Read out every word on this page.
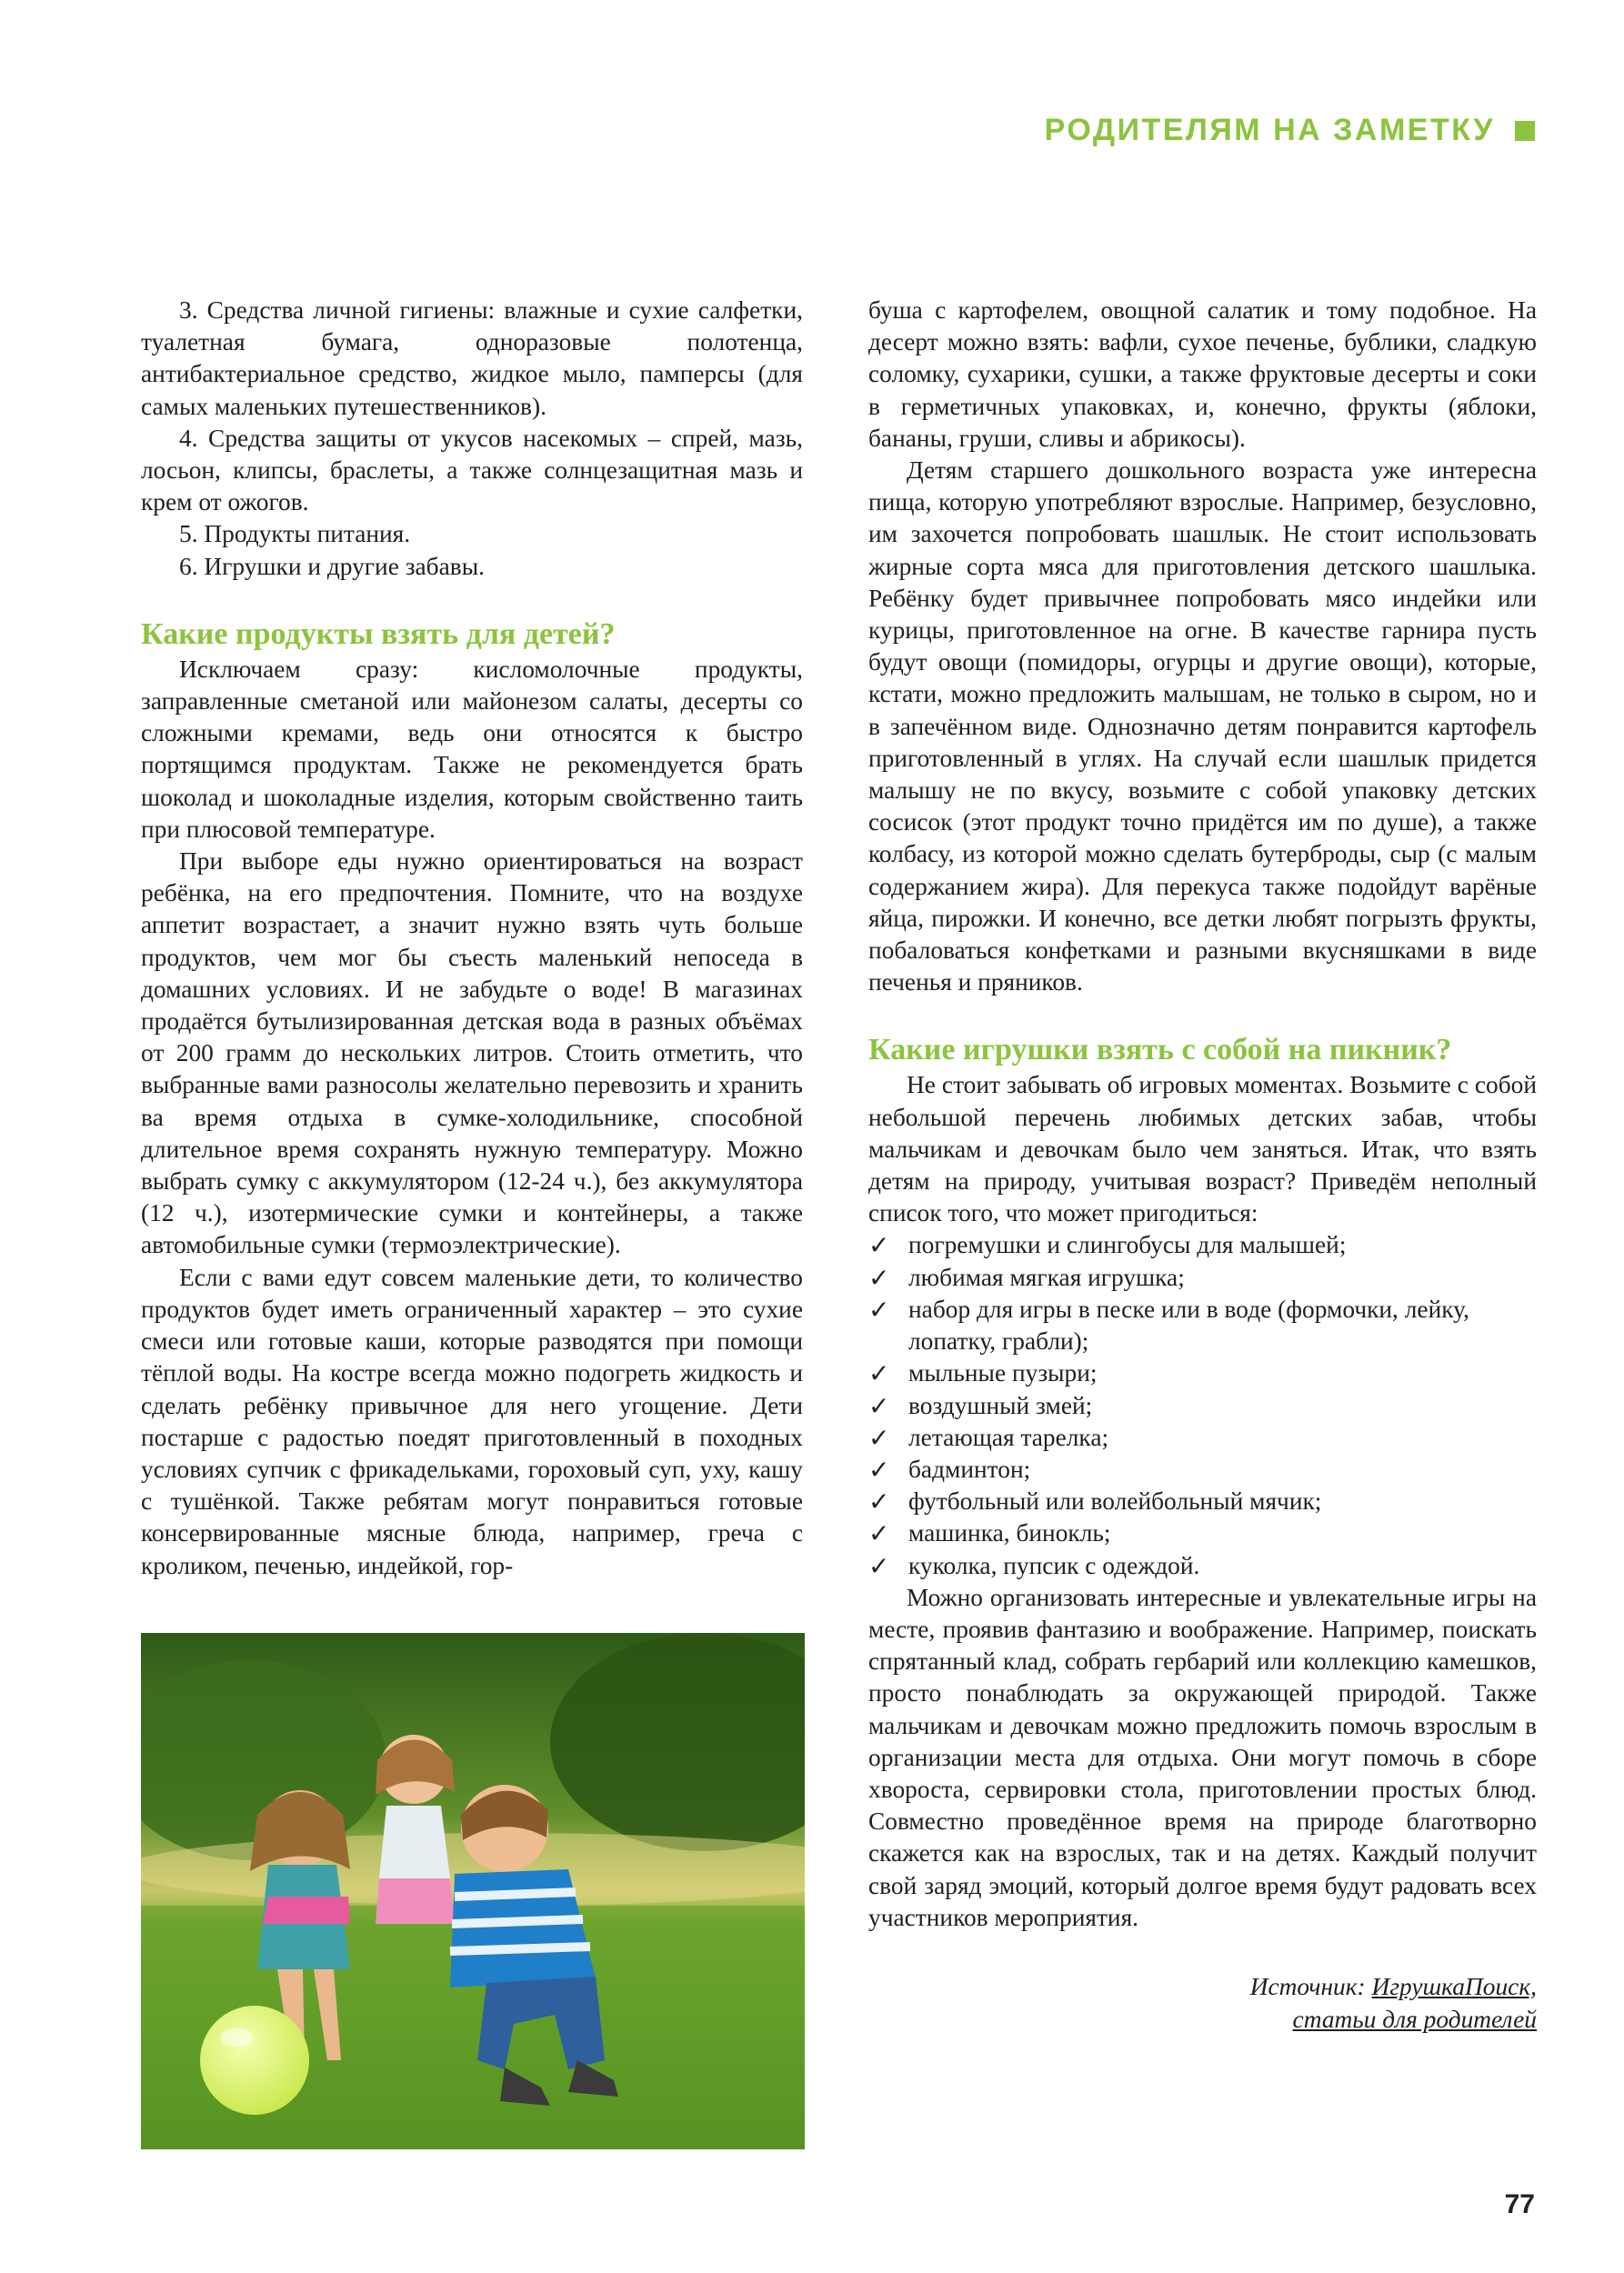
РОДИТЕЛЯМ НА ЗАМЕТКУ

3. Средства личной гигиены: влажные и сухие салфетки, туалетная бумага, одноразовые полотенца, антибактериальное средство, жидкое мыло, памперсы (для самых маленьких путешественников).

4. Средства защиты от укусов насекомых – спрей, мазь, лосьон, клипсы, браслеты, а также солнцезащитная мазь и крем от ожогов.

5. Продукты питания.

6. Игрушки и другие забавы.

Какие продукты взять для детей?

Исключаем сразу: кисломолочные продукты, заправленные сметаной или майонезом салаты, десерты со сложными кремами, ведь они относятся к быстро портящимся продуктам. Также не рекомендуется брать шоколад и шоколадные изделия, которым свойственно таить при плюсовой температуре.

При выборе еды нужно ориентироваться на возраст ребёнка, на его предпочтения. Помните, что на воздухе аппетит возрастает, а значит нужно взять чуть больше продуктов, чем мог бы съесть маленький непоседа в домашних условиях. И не забудьте о воде! В магазинах продаётся бутылизированная детская вода в разных объёмах от 200 грамм до нескольких литров. Стоить отметить, что выбранные вами разносолы желательно перевозить и хранить ва время отдыха в сумке-холодильнике, способной длительное время сохранять нужную температуру. Можно выбрать сумку с аккумулятором (12-24 ч.), без аккумулятора (12 ч.), изотермические сумки и контейнеры, а также автомобильные сумки (термоэлектрические).

Если с вами едут совсем маленькие дети, то количество продуктов будет иметь ограниченный характер – это сухие смеси или готовые каши, которые разводятся при помощи тёплой воды. На костре всегда можно подогреть жидкость и сделать ребёнку привычное для него угощение. Дети постарше с радостью поедят приготовленный в походных условиях супчик с фрикадельками, гороховый суп, уху, кашу с тушёнкой. Также ребятам могут понравиться готовые консервированные мясные блюда, например, греча с кроликом, печенью, индейкой, гор-

буша с картофелем, овощной салатик и тому подобное. На десерт можно взять: вафли, сухое печенье, бублики, сладкую соломку, сухарики, сушки, а также фруктовые десерты и соки в герметичных упаковках, и, конечно, фрукты (яблоки, бананы, груши, сливы и абрикосы).

Детям старшего дошкольного возраста уже интересна пища, которую употребляют взрослые. Например, безусловно, им захочется попробовать шашлык. Не стоит использовать жирные сорта мяса для приготовления детского шашлыка. Ребёнку будет привычнее попробовать мясо индейки или курицы, приготовленное на огне. В качестве гарнира пусть будут овощи (помидоры, огурцы и другие овощи), которые, кстати, можно предложить малышам, не только в сыром, но и в запечённом виде. Однозначно детям понравится картофель приготовленный в углях. На случай если шашлык придется малышу не по вкусу, возьмите с собой упаковку детских сосисок (этот продукт точно придётся им по душе), а также колбасу, из которой можно сделать бутерброды, сыр (с малым содержанием жира). Для перекуса также подойдут варёные яйца, пирожки. И конечно, все детки любят погрызть фрукты, побаловаться конфетками и разными вкусняшками в виде печенья и пряников.

Какие игрушки взять с собой на пикник?

Не стоит забывать об игровых моментах. Возьмите с собой небольшой перечень любимых детских забав, чтобы мальчикам и девочкам было чем заняться. Итак, что взять детям на природу, учитывая возраст? Приведём неполный список того, что может пригодиться:

✓ погремушки и слингобусы для малышей;
✓ любимая мягкая игрушка;
✓ набор для игры в песке или в воде (формочки, лейку, лопатку, грабли);
✓ мыльные пузыри;
✓ воздушный змей;
✓ летающая тарелка;
✓ бадминтон;
✓ футбольный или волейбольный мячик;
✓ машинка, бинокль;
✓ куколка, пупсик с одеждой.

Можно организовать интересные и увлекательные игры на месте, проявив фантазию и воображение. Например, поискать спрятанный клад, собрать гербарий или коллекцию камешков, просто понаблюдать за окружающей природой. Также мальчикам и девочкам можно предложить помочь взрослым в организации места для отдыха. Они могут помочь в сборе хвороста, сервировки стола, приготовлении простых блюд. Совместно проведённое время на природе благотворно скажется как на взрослых, так и на детях. Каждый получит свой заряд эмоций, который долгое время будут радовать всех участников мероприятия.

Источник: ИгрушкаПоиск,
статьи для родителей
77
